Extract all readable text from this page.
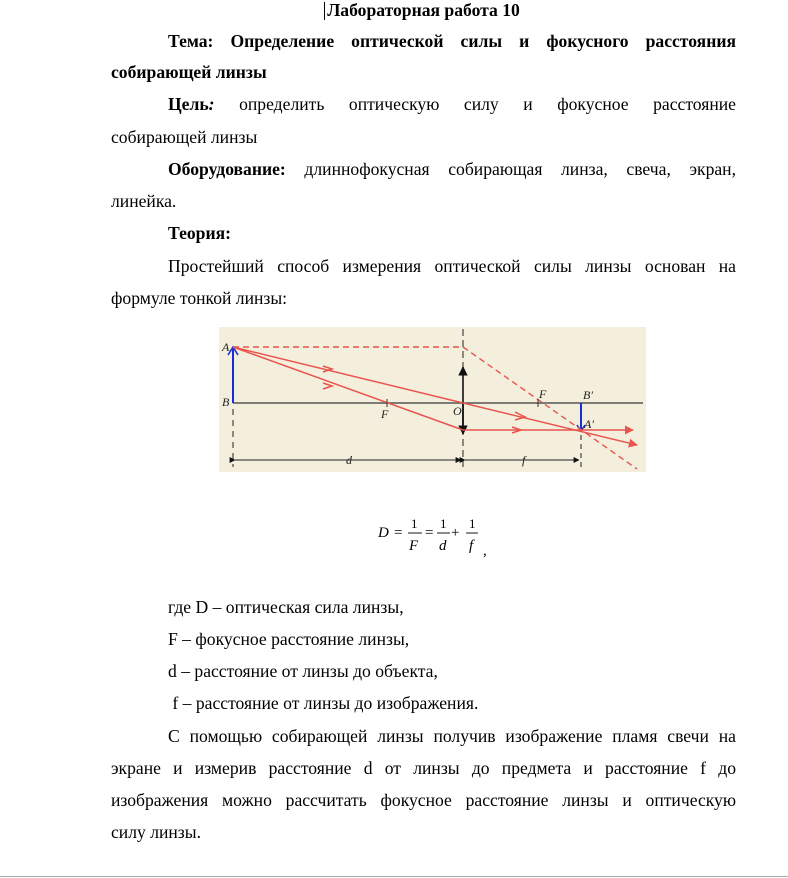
Лабораторная работа 10
Тема: Определение оптической силы и фокусного расстояния
собирающей линзы
Цель: определить оптическую силу и фокусное расстояние
собирающей линзы
Оборудование: длиннофокусная собирающая линза, свеча, экран,
линейка.
Теория:
Простейший способ измерения оптической силы линзы основан на
формуле тонкой линзы:
A
B
F	O
F	B′
A′
d	f
D =
1
F
=
1
d
+
1
f ,
где D – оптическая сила линзы,
F – фокусное расстояние линзы,
d – расстояние от линзы до объекта,
f – расстояние от линзы до изображения.
С помощью собирающей линзы получив изображение пламя свечи на
экране и измерив расстояние d от линзы до предмета и расстояние f до
изображения можно рассчитать фокусное расстояние линзы и оптическую
силу линзы.
